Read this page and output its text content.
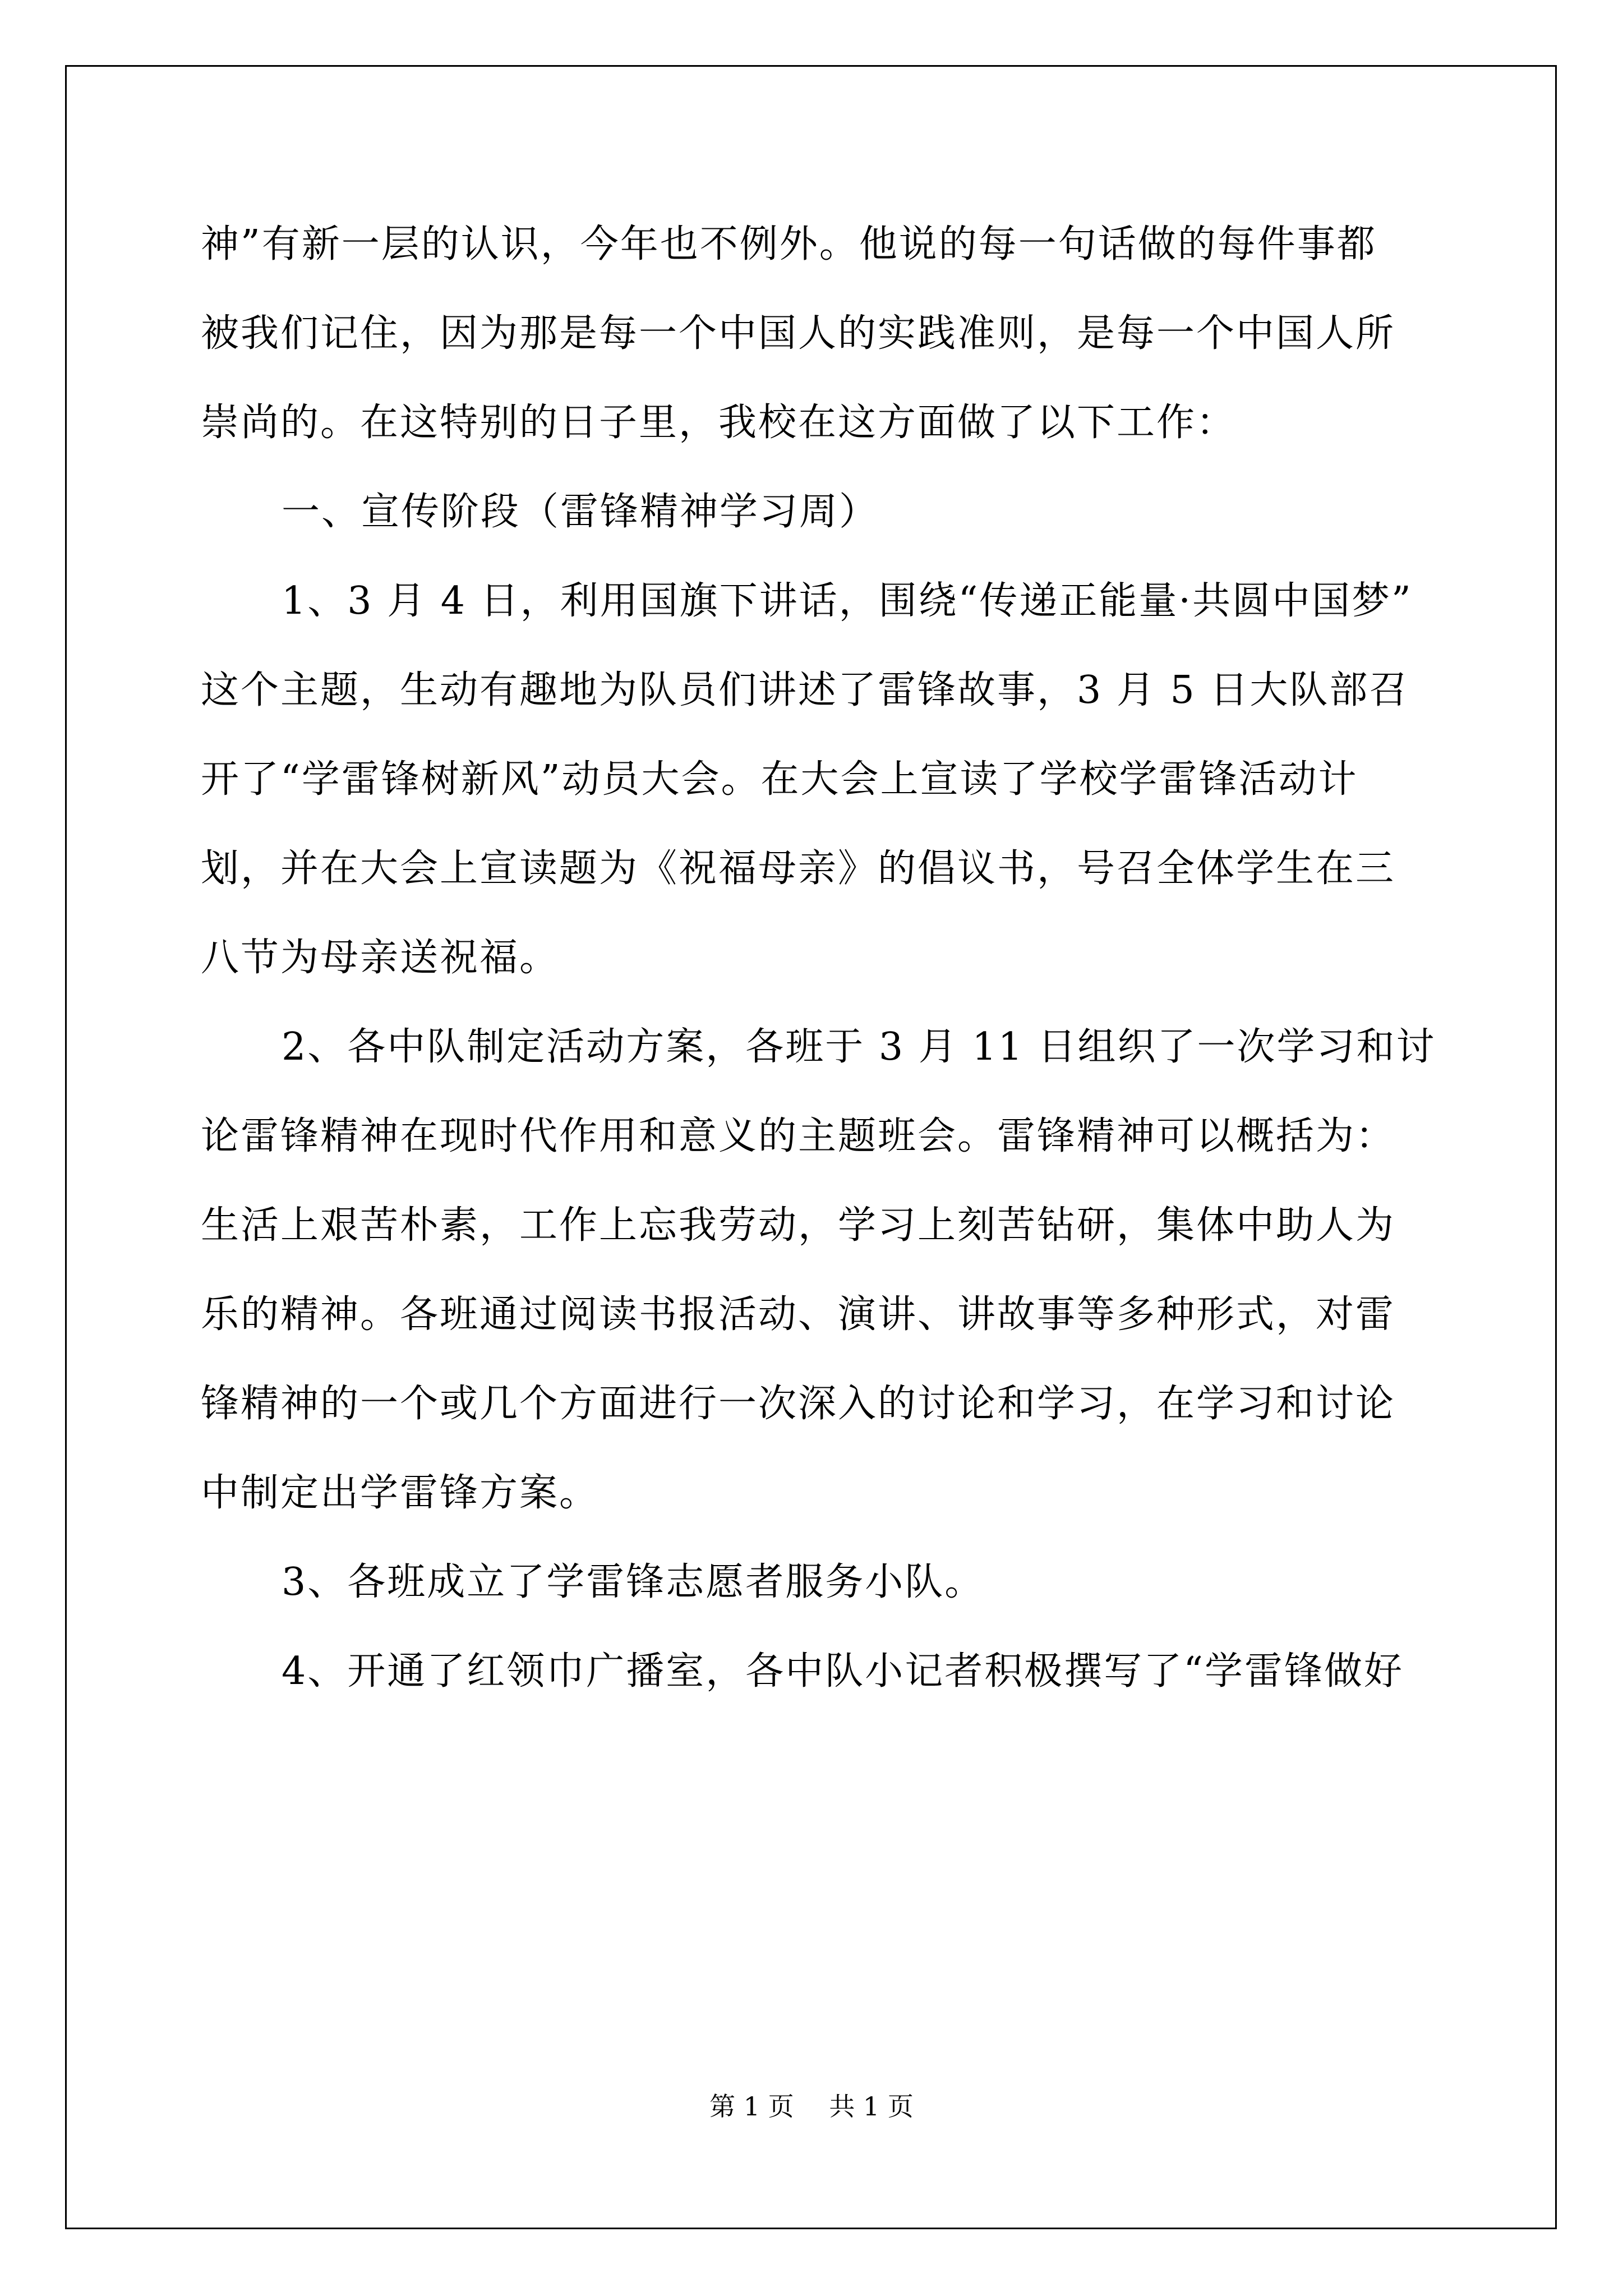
神”有新一层的认识，今年也不例外。他说的每一句话做的每件事都
被我们记住，因为那是每一个中国人的实践准则，是每一个中国人所
崇尚的。在这特别的日子里，我校在这方面做了以下工作：
一、宣传阶段（雷锋精神学习周）
1、3 月 4 日，利用国旗下讲话，围绕“传递正能量·共圆中国梦”
这个主题，生动有趣地为队员们讲述了雷锋故事，3 月 5 日大队部召
开了“学雷锋树新风”动员大会。在大会上宣读了学校学雷锋活动计
划，并在大会上宣读题为《祝福母亲》的倡议书，号召全体学生在三
八节为母亲送祝福。
2、各中队制定活动方案，各班于 3 月 11 日组织了一次学习和讨
论雷锋精神在现时代作用和意义的主题班会。雷锋精神可以概括为：
生活上艰苦朴素，工作上忘我劳动，学习上刻苦钻研，集体中助人为
乐的精神。各班通过阅读书报活动、演讲、讲故事等多种形式，对雷
锋精神的一个或几个方面进行一次深入的讨论和学习，在学习和讨论
中制定出学雷锋方案。
3、各班成立了学雷锋志愿者服务小队。
4、开通了红领巾广播室，各中队小记者积极撰写了“学雷锋做好
第 1 页 共 1 页
